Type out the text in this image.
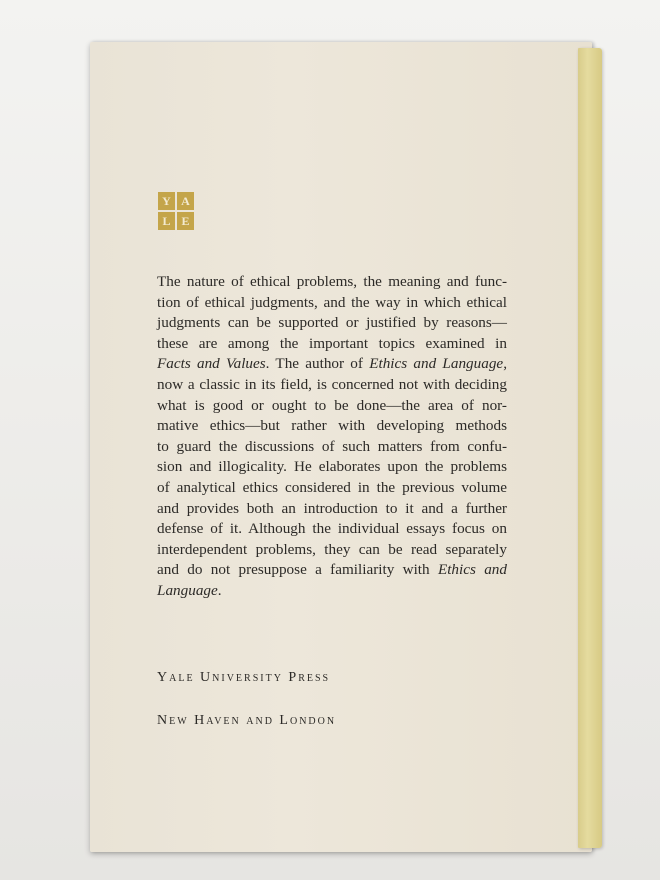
Y A
L E
The nature of ethical problems, the meaning and func-
tion of ethical judgments, and the way in which ethical
judgments can be supported or justified by reasons—
these are among the important topics examined in
Facts and Values. The author of Ethics and Language,
now a classic in its field, is concerned not with deciding
what is good or ought to be done—the area of nor-
mative ethics—but rather with developing methods
to guard the discussions of such matters from confu-
sion and illogicality. He elaborates upon the problems
of analytical ethics considered in the previous volume
and provides both an introduction to it and a further
defense of it. Although the individual essays focus on
interdependent problems, they can be read separately
and do not presuppose a familiarity with Ethics and
Language.
Yale University Press
New Haven and London
